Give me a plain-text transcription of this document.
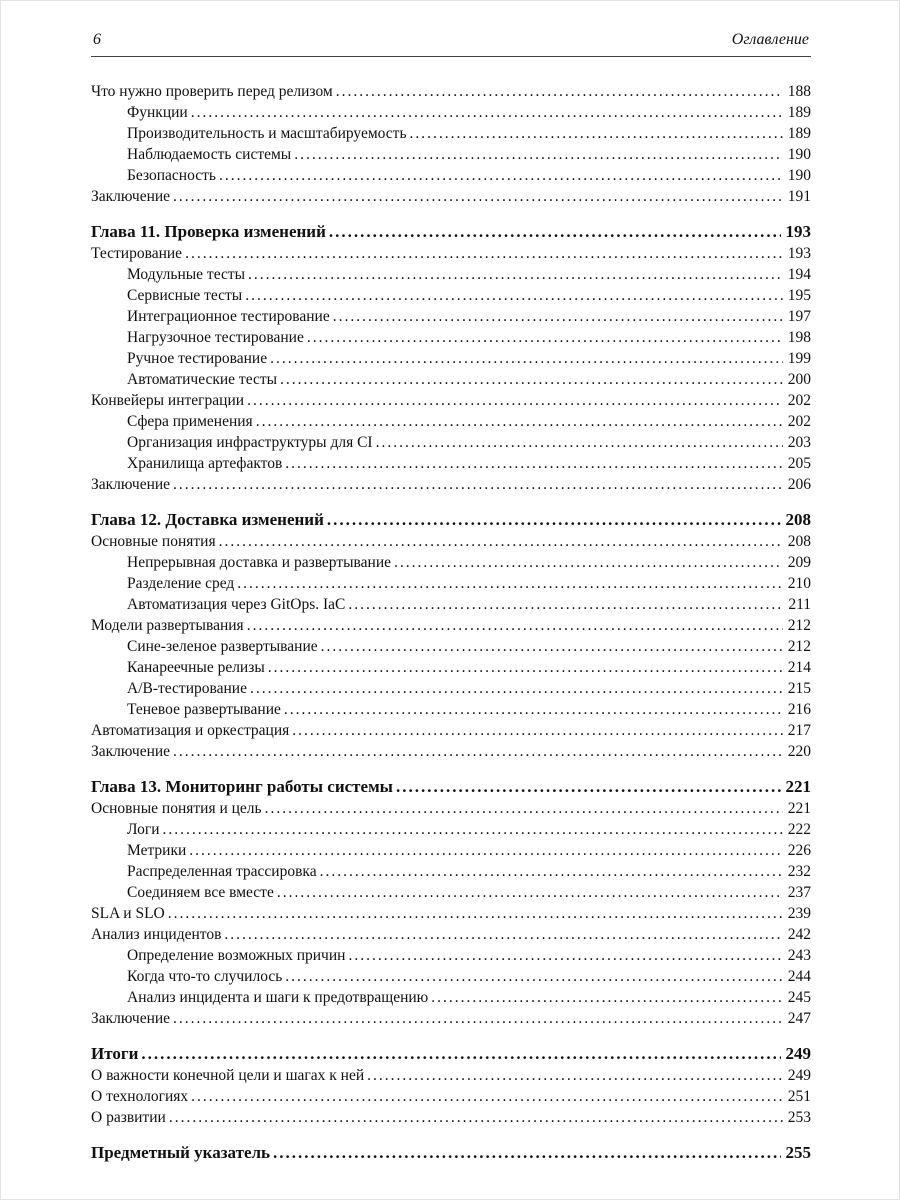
6	Оглавление
Что нужно проверить перед релизом .....	188
Функции .....	189
Производительность и масштабируемость .....	189
Наблюдаемость системы .....	190
Безопасность .....	190
Заключение .....	191
Глава 11. Проверка изменений .....	193
Тестирование .....	193
Модульные тесты .....	194
Сервисные тесты .....	195
Интеграционное тестирование .....	197
Нагрузочное тестирование .....	198
Ручное тестирование .....	199
Автоматические тесты .....	200
Конвейеры интеграции .....	202
Сфера применения .....	202
Организация инфраструктуры для CI .....	203
Хранилища артефактов .....	205
Заключение .....	206
Глава 12. Доставка изменений .....	208
Основные понятия .....	208
Непрерывная доставка и развертывание .....	209
Разделение сред .....	210
Автоматизация через GitOps. IaC .....	211
Модели развертывания .....	212
Сине-зеленое развертывание .....	212
Канареечные релизы .....	214
A/B-тестирование .....	215
Теневое развертывание .....	216
Автоматизация и оркестрация .....	217
Заключение .....	220
Глава 13. Мониторинг работы системы .....	221
Основные понятия и цель .....	221
Логи .....	222
Метрики .....	226
Распределенная трассировка .....	232
Соединяем все вместе .....	237
SLA и SLO .....	239
Анализ инцидентов .....	242
Определение возможных причин .....	243
Когда что-то случилось .....	244
Анализ инцидента и шаги к предотвращению .....	245
Заключение .....	247
Итоги .....	249
О важности конечной цели и шагах к ней .....	249
О технологиях .....	251
О развитии .....	253
Предметный указатель .....	255
